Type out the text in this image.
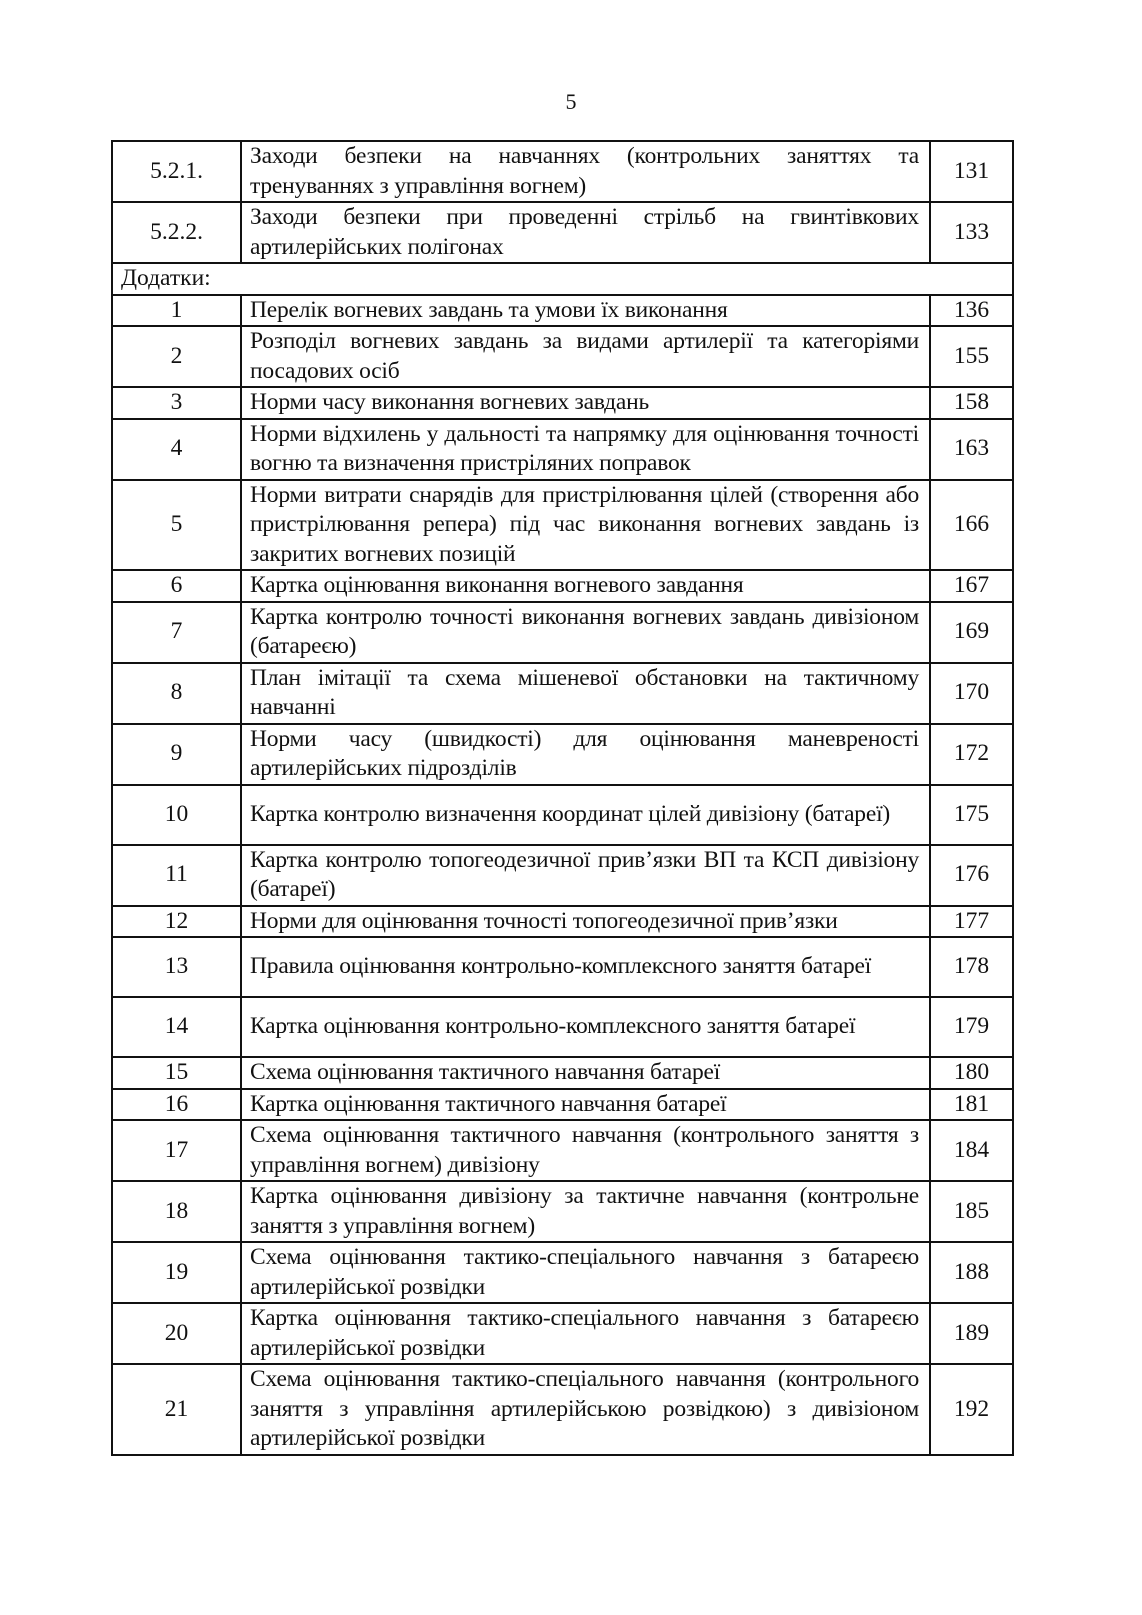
5
5.2.1.	Заходи безпеки на навчаннях (контрольних заняттях та тренуваннях з управління вогнем)	131
5.2.2.	Заходи безпеки при проведенні стрільб на гвинтівкових артилерійських полігонах	133
Додатки:		
1	Перелік вогневих завдань та умови їх виконання	136
2	Розподіл вогневих завдань за видами артилерії та категоріями посадових осіб	155
3	Норми часу виконання вогневих завдань	158
4	Норми відхилень у дальності та напрямку для оцінювання точності вогню та визначення пристріляних поправок	163
5	Норми витрати снарядів для пристрілювання цілей (створення або пристрілювання репера) під час виконання вогневих завдань із закритих вогневих позицій	166
6	Картка оцінювання виконання вогневого завдання	167
7	Картка контролю точності виконання вогневих завдань дивізіоном (батареєю)	169
8	План імітації та схема мішеневої обстановки на тактичному навчанні	170
9	Норми часу (швидкості) для оцінювання маневреності артилерійських підрозділів	172
10	Картка контролю визначення координат цілей дивізіону (батареї)	175
11	Картка контролю топогеодезичної прив’язки ВП та КСП дивізіону (батареї)	176
12	Норми для оцінювання точності топогеодезичної прив’язки	177
13	Правила оцінювання контрольно-комплексного заняття батареї	178
14	Картка оцінювання контрольно-комплексного заняття батареї	179
15	Схема оцінювання тактичного навчання батареї	180
16	Картка оцінювання тактичного навчання батареї	181
17	Схема оцінювання тактичного навчання (контрольного заняття з управління вогнем) дивізіону	184
18	Картка оцінювання дивізіону за тактичне навчання (контрольне заняття з управління вогнем)	185
19	Схема оцінювання тактико-спеціального навчання з батареєю артилерійської розвідки	188
20	Картка оцінювання тактико-спеціального навчання з батареєю артилерійської розвідки	189
21	Схема оцінювання тактико-спеціального навчання (контрольного заняття з управління артилерійською розвідкою) з дивізіоном артилерійської розвідки	192
